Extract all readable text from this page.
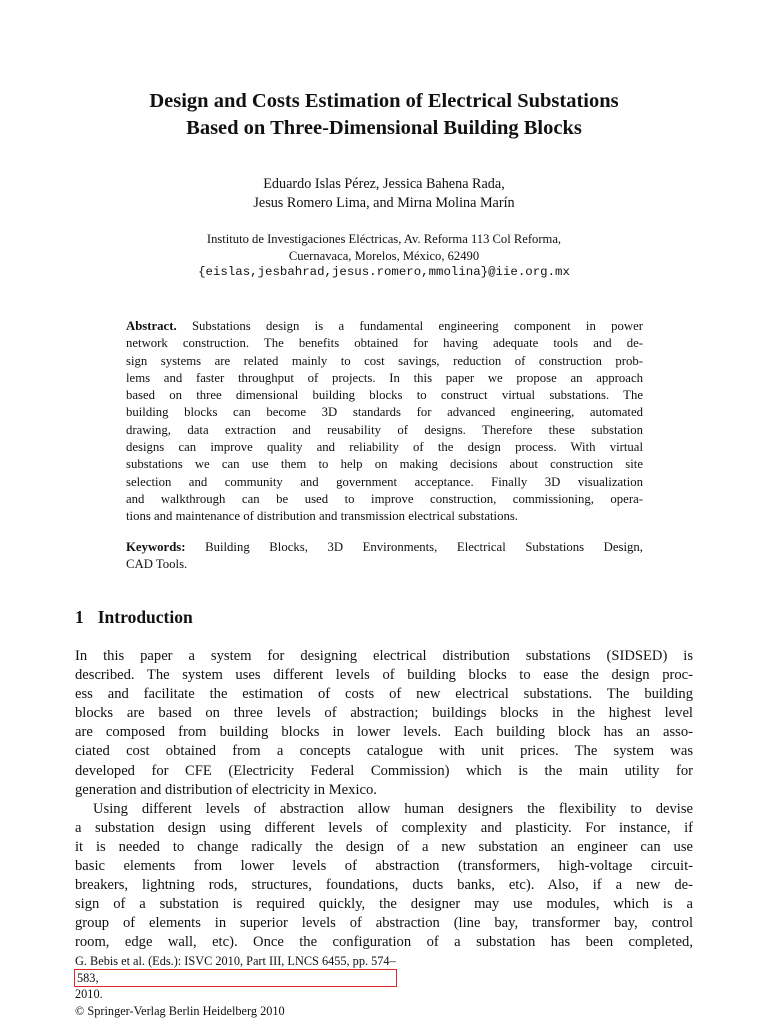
Design and Costs Estimation of Electrical Substations
Based on Three-Dimensional Building Blocks
Eduardo Islas Pérez, Jessica Bahena Rada,
Jesus Romero Lima, and Mirna Molina Marín
Instituto de Investigaciones Eléctricas, Av. Reforma 113 Col Reforma,
Cuernavaca, Morelos, México, 62490
{eislas,jesbahrad,jesus.romero,mmolina}@iie.org.mx
Abstract. Substations design is a fundamental engineering component in power
network construction. The benefits obtained for having adequate tools and de-
sign systems are related mainly to cost savings, reduction of construction prob-
lems and faster throughput of projects. In this paper we propose an approach
based on three dimensional building blocks to construct virtual substations. The
building blocks can become 3D standards for advanced engineering, automated
drawing, data extraction and reusability of designs. Therefore these substation
designs can improve quality and reliability of the design process. With virtual
substations we can use them to help on making decisions about construction site
selection and community and government acceptance. Finally 3D visualization
and walkthrough can be used to improve construction, commissioning, opera-
tions and maintenance of distribution and transmission electrical substations.
Keywords: Building Blocks, 3D Environments, Electrical Substations Design,
CAD Tools.
1 Introduction
In this paper a system for designing electrical distribution substations (SIDSED) is
described. The system uses different levels of building blocks to ease the design proc-
ess and facilitate the estimation of costs of new electrical substations. The building
blocks are based on three levels of abstraction; buildings blocks in the highest level
are composed from building blocks in lower levels. Each building block has an asso-
ciated cost obtained from a concepts catalogue with unit prices. The system was
developed for CFE (Electricity Federal Commission) which is the main utility for
generation and distribution of electricity in Mexico.
Using different levels of abstraction allow human designers the flexibility to devise
a substation design using different levels of complexity and plasticity. For instance, if
it is needed to change radically the design of a new substation an engineer can use
basic elements from lower levels of abstraction (transformers, high-voltage circuit-
breakers, lightning rods, structures, foundations, ducts banks, etc). Also, if a new de-
sign of a substation is required quickly, the designer may use modules, which is a
group of elements in superior levels of abstraction (line bay, transformer bay, control
room, edge wall, etc). Once the configuration of a substation has been completed,
G. Bebis et al. (Eds.): ISVC 2010, Part III, LNCS 6455, pp. 574–
583,
2010.
© Springer-Verlag Berlin Heidelberg 2010
